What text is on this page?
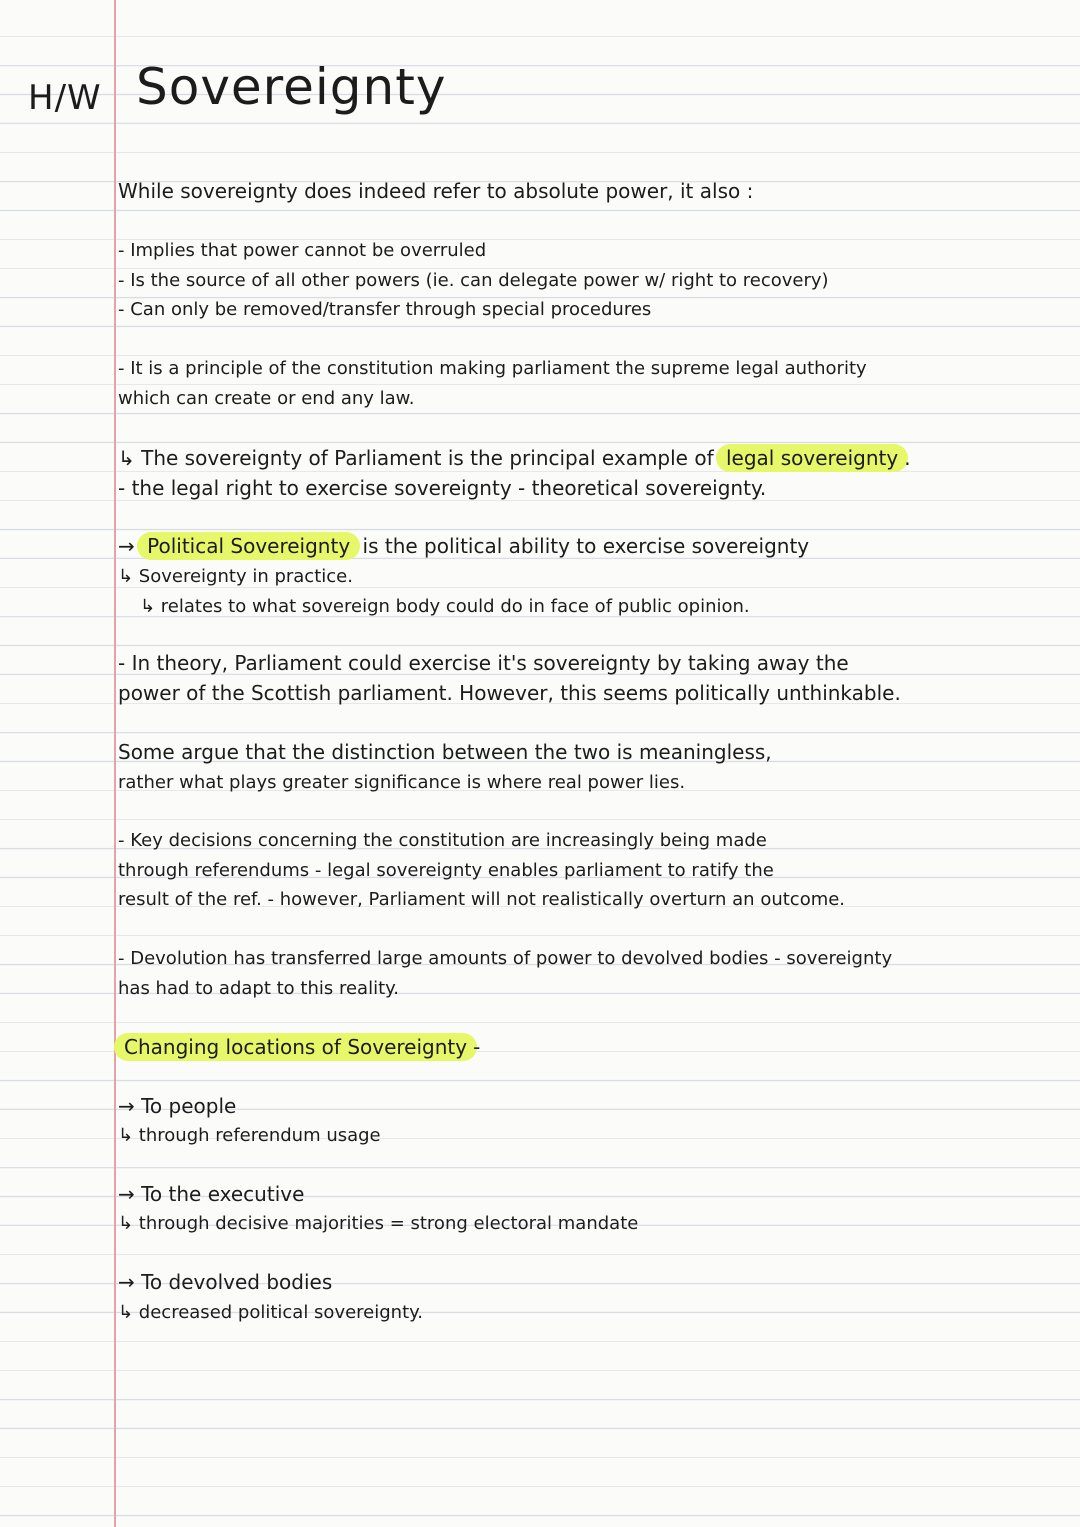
H/W Sovereignty
While sovereignty does indeed refer to absolute power, it also :
- Implies that power cannot be overruled
- Is the source of all other powers (ie. can delegate power w/ right to recovery)
- Can only be removed/transfer through special procedures
- It is a principle of the constitution making parliament the supreme legal authority
which can create or end any law.
↳ The sovereignty of Parliament is the principal example of legal sovereignty .
- the legal right to exercise sovereignty - theoretical sovereignty.
→ Political Sovereignty is the political ability to exercise sovereignty
↳ Sovereignty in practice.
↳ relates to what sovereign body could do in face of public opinion.
- In theory, Parliament could exercise it's sovereignty by taking away the
power of the Scottish parliament. However, this seems politically unthinkable.
Some argue that the distinction between the two is meaningless,
rather what plays greater significance is where real power lies.
- Key decisions concerning the constitution are increasingly being made
through referendums - legal sovereignty enables parliament to ratify the
result of the ref. - however, Parliament will not realistically overturn an outcome.
- Devolution has transferred large amounts of power to devolved bodies - sovereignty
has had to adapt to this reality.
Changing locations of Sovereignty -
→ To people
↳ through referendum usage
→ To the executive
↳ through decisive majorities = strong electoral mandate
→ To devolved bodies
↳ decreased political sovereignty.
